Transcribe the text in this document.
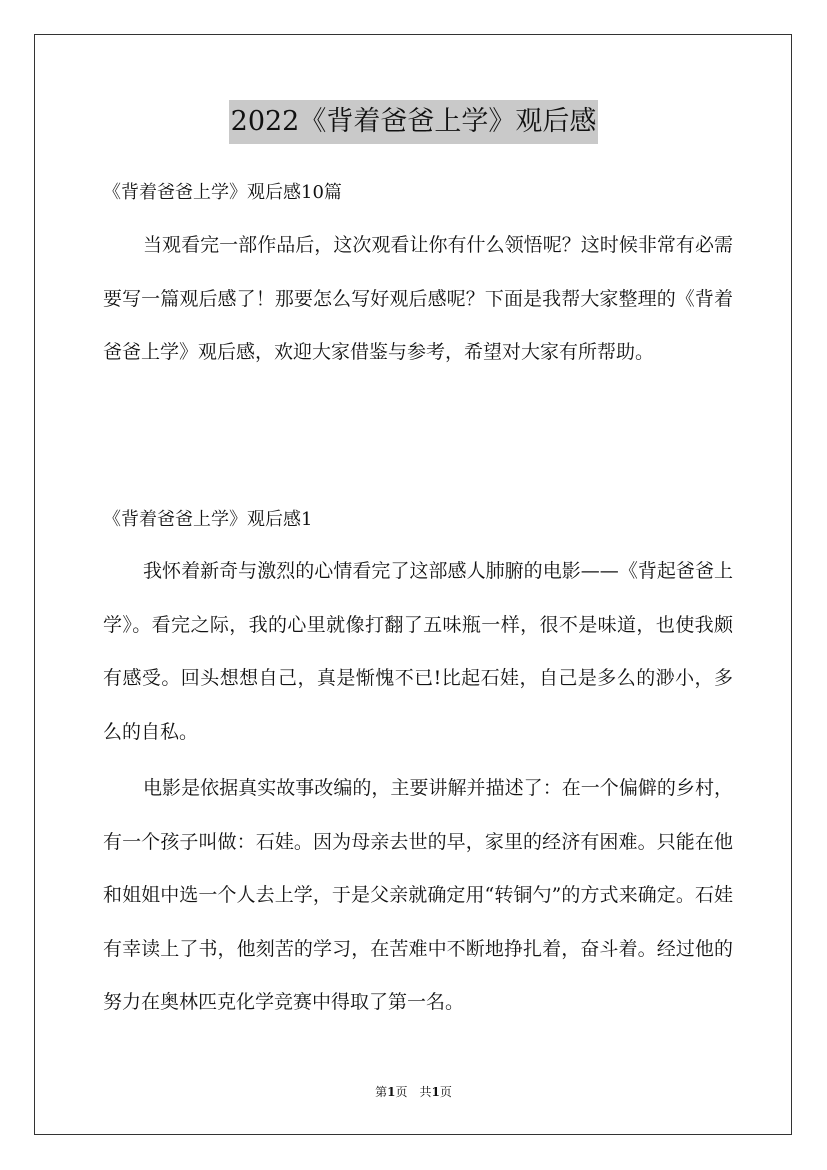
2022《背着爸爸上学》观后感
《背着爸爸上学》观后感10篇
当观看完一部作品后，这次观看让你有什么领悟呢？这时候非常有必需要写一篇观后感了！那要怎么写好观后感呢？下面是我帮大家整理的《背着爸爸上学》观后感，欢迎大家借鉴与参考，希望对大家有所帮助。
《背着爸爸上学》观后感1
我怀着新奇与激烈的心情看完了这部感人肺腑的电影——《背起爸爸上学》。看完之际，我的心里就像打翻了五味瓶一样，很不是味道，也使我颇有感受。回头想想自己，真是惭愧不已!比起石娃，自己是多么的渺小，多么的自私。
电影是依据真实故事改编的，主要讲解并描述了：在一个偏僻的乡村，有一个孩子叫做：石娃。因为母亲去世的早，家里的经济有困难。只能在他和姐姐中选一个人去上学，于是父亲就确定用“转铜勺”的方式来确定。石娃有幸读上了书，他刻苦的学习，在苦难中不断地挣扎着，奋斗着。经过他的努力在奥林匹克化学竞赛中得取了第一名。
第1页　共1页
